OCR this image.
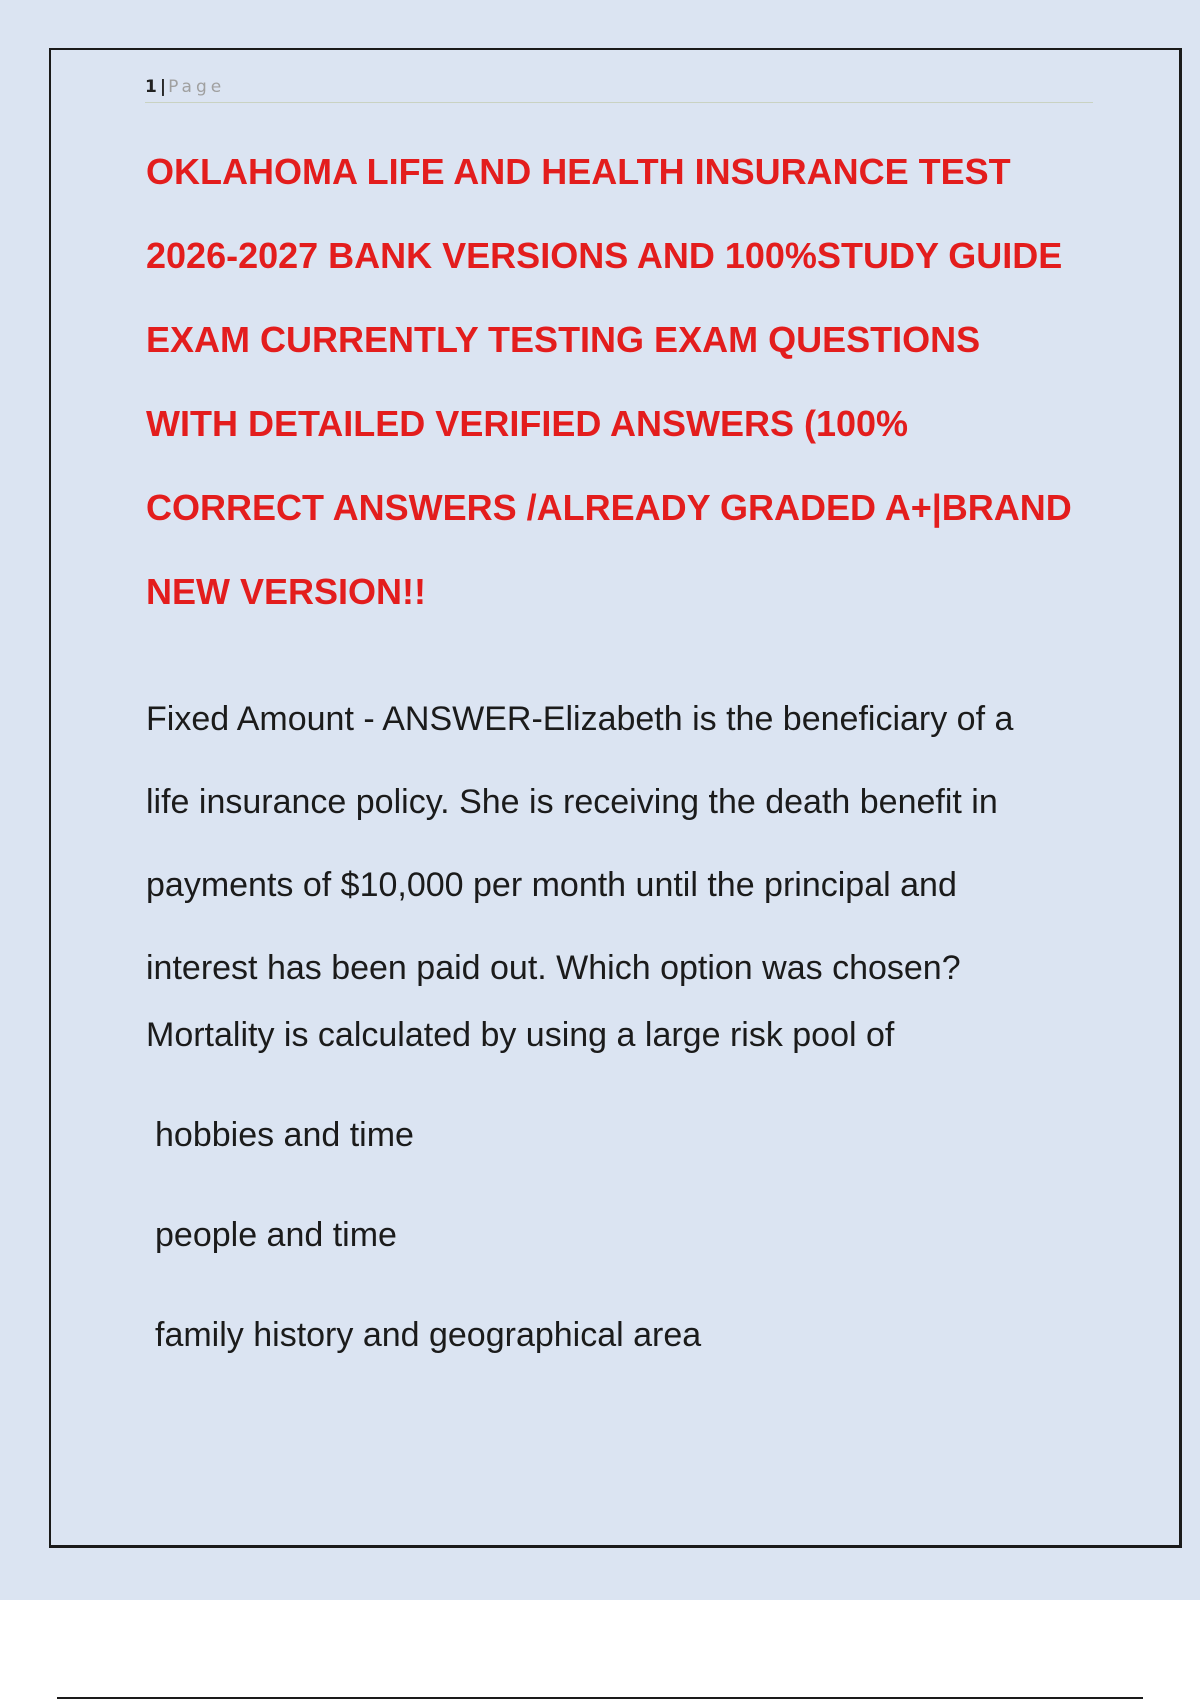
1 | Page
OKLAHOMA LIFE AND HEALTH INSURANCE TEST
2026-2027 BANK VERSIONS AND 100%STUDY GUIDE
EXAM CURRENTLY TESTING EXAM QUESTIONS
WITH DETAILED VERIFIED ANSWERS (100%
CORRECT ANSWERS /ALREADY GRADED A+|BRAND
NEW VERSION!!

Fixed Amount - ANSWER-Elizabeth is the beneficiary of a
life insurance policy. She is receiving the death benefit in
payments of $10,000 per month until the principal and
interest has been paid out. Which option was chosen?

Mortality is calculated by using a large risk pool of

hobbies and time
people and time
family history and geographical area
